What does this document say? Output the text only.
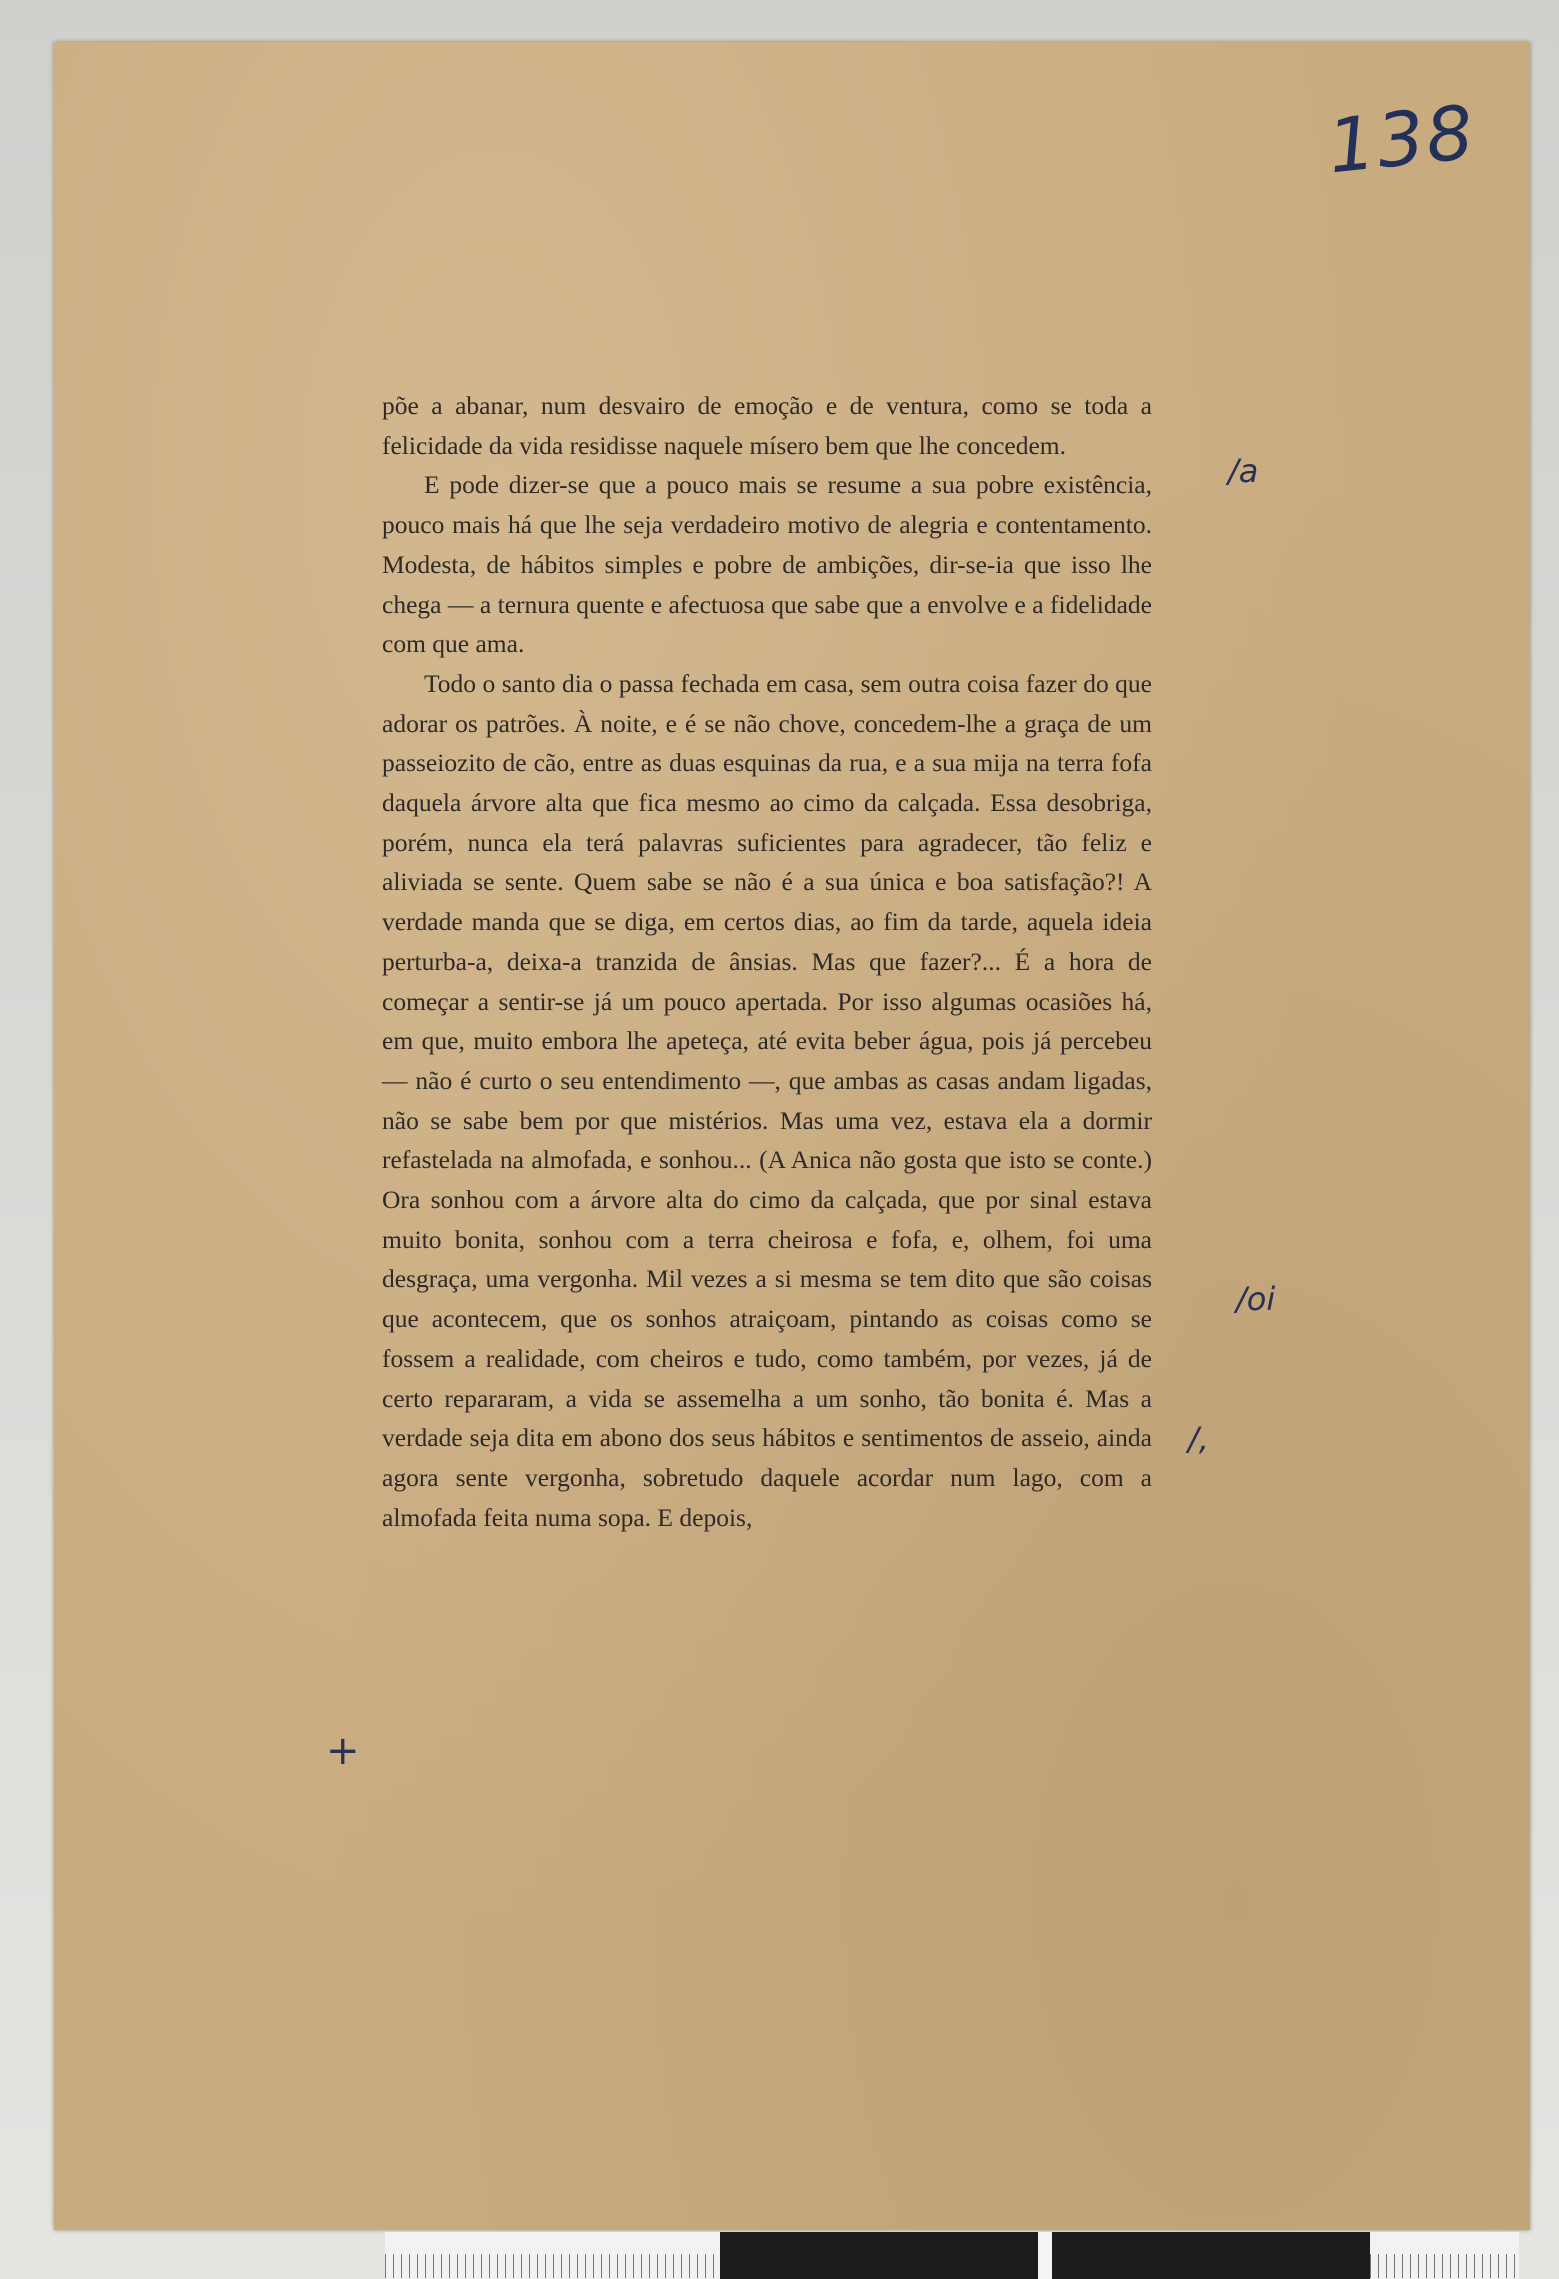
138

põe a abanar, num desvairo de emoção e de ventura, como se toda a felicidade da vida residisse naquele mísero bem que lhe concedem.

E pode dizer-se que a pouco mais se resume a sua pobre existência, pouco mais há que lhe seja verdadeiro motivo de alegria e contentamento. Modesta, de hábitos simples e pobre de ambições, dir-se-ia que isso lhe chega — a ternura quente e afectuosa que sabe que a envolve e a fidelidade com que ama.

Todo o santo dia o passa fechada em casa, sem outra coisa fazer do que adorar os patrões. À noite, e é se não chove, concedem-lhe a graça de um passeiozito de cão, entre as duas esquinas da rua, e a sua mija na terra fofa daquela árvore alta que fica mesmo ao cimo da calçada. Essa desobriga, porém, nunca ela terá palavras suficientes para agradecer, tão feliz e aliviada se sente. Quem sabe se não é a sua única e boa satisfação?! A verdade manda que se diga, em certos dias, ao fim da tarde, aquela ideia perturba-a, deixa-a tranzida de ânsias. Mas que fazer?... É a hora de começar a sentir-se já um pouco apertada. Por isso algumas ocasiões há, em que, muito embora lhe apeteça, até evita beber água, pois já percebeu — não é curto o seu entendimento —, que ambas as casas andam ligadas, não se sabe bem por que mistérios. Mas uma vez, estava ela a dormir refastelada na almofada, e sonhou... (A Anica não gosta que isto se conte.) Ora sonhou com a árvore alta do cimo da calçada, que por sinal estava muito bonita, sonhou com a terra cheirosa e fofa, e, olhem, foi uma desgraça, uma vergonha. Mil vezes a si mesma se tem dito que são coisas que acontecem, que os sonhos atraiçoam, pintando as coisas como se fossem a realidade, com cheiros e tudo, como também, por vezes, já de certo repararam, a vida se assemelha a um sonho, tão bonita é. Mas a verdade seja dita em abono dos seus hábitos e sentimentos de asseio, ainda agora sente vergonha, sobretudo daquele acordar num lago, com a almofada feita numa sopa. E depois,

/a
/oi
/,
+
